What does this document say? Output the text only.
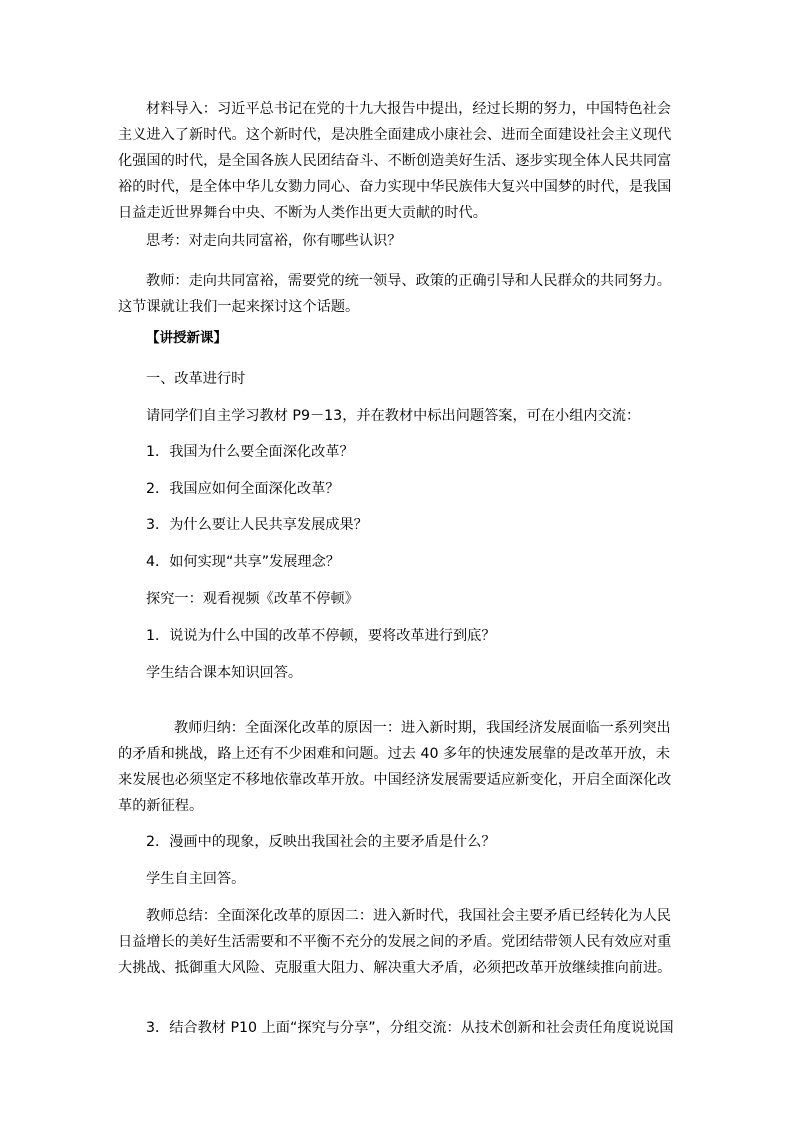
材料导入：习近平总书记在党的十九大报告中提出，经过长期的努力，中国特色社会主义进入了新时代。这个新时代，是决胜全面建成小康社会、进而全面建设社会主义现代化强国的时代，是全国各族人民团结奋斗、不断创造美好生活、逐步实现全体人民共同富裕的时代，是全体中华儿女勠力同心、奋力实现中华民族伟大复兴中国梦的时代，是我国日益走近世界舞台中央、不断为人类作出更大贡献的时代。

思考：对走向共同富裕，你有哪些认识？

教师：走向共同富裕，需要党的统一领导、政策的正确引导和人民群众的共同努力。这节课就让我们一起来探讨这个话题。

【讲授新课】

一、改革进行时

请同学们自主学习教材 P9－13，并在教材中标出问题答案，可在小组内交流：

1．我国为什么要全面深化改革？

2．我国应如何全面深化改革？

3．为什么要让人民共享发展成果？

4．如何实现“共享”发展理念？

探究一：观看视频《改革不停顿》

1．说说为什么中国的改革不停顿，要将改革进行到底？

学生结合课本知识回答。

教师归纳：全面深化改革的原因一：进入新时期，我国经济发展面临一系列突出的矛盾和挑战，路上还有不少困难和问题。过去 40 多年的快速发展靠的是改革开放，未来发展也必须坚定不移地依靠改革开放。中国经济发展需要适应新变化，开启全面深化改革的新征程。

2．漫画中的现象，反映出我国社会的主要矛盾是什么？

学生自主回答。

教师总结：全面深化改革的原因二：进入新时代，我国社会主要矛盾已经转化为人民日益增长的美好生活需要和不平衡不充分的发展之间的矛盾。党团结带领人民有效应对重大挑战、抵御重大风险、克服重大阻力、解决重大矛盾，必须把改革开放继续推向前进。

3．结合教材 P10 上面“探究与分享”，分组交流：从技术创新和社会责任角度说说国
